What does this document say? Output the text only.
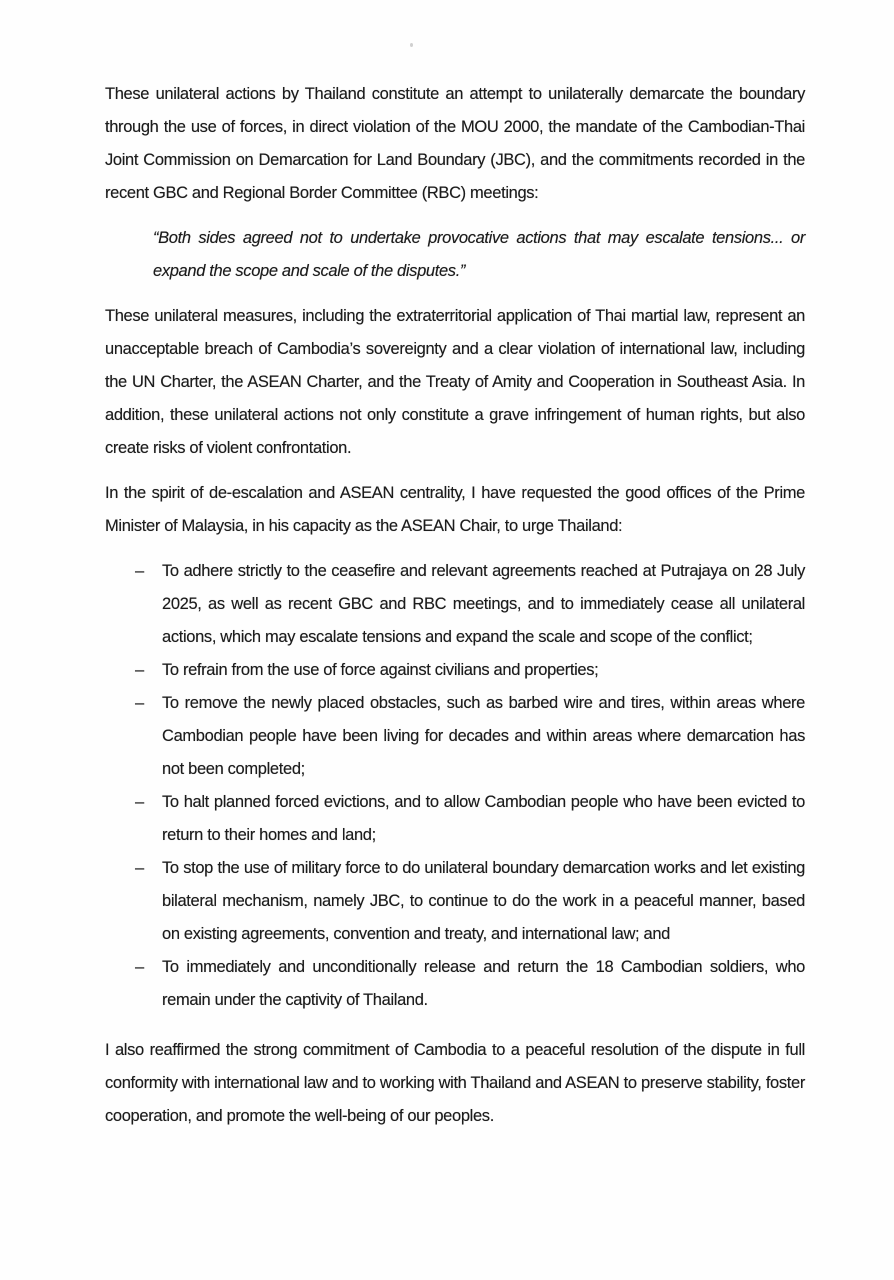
These unilateral actions by Thailand constitute an attempt to unilaterally demarcate the boundary through the use of forces, in direct violation of the MOU 2000, the mandate of the Cambodian-Thai Joint Commission on Demarcation for Land Boundary (JBC), and the commitments recorded in the recent GBC and Regional Border Committee (RBC) meetings:

“Both sides agreed not to undertake provocative actions that may escalate tensions... or expand the scope and scale of the disputes.”

These unilateral measures, including the extraterritorial application of Thai martial law, represent an unacceptable breach of Cambodia’s sovereignty and a clear violation of international law, including the UN Charter, the ASEAN Charter, and the Treaty of Amity and Cooperation in Southeast Asia. In addition, these unilateral actions not only constitute a grave infringement of human rights, but also create risks of violent confrontation.

In the spirit of de-escalation and ASEAN centrality, I have requested the good offices of the Prime Minister of Malaysia, in his capacity as the ASEAN Chair, to urge Thailand:

–	To adhere strictly to the ceasefire and relevant agreements reached at Putrajaya on 28 July 2025, as well as recent GBC and RBC meetings, and to immediately cease all unilateral actions, which may escalate tensions and expand the scale and scope of the conflict;
–	To refrain from the use of force against civilians and properties;
–	To remove the newly placed obstacles, such as barbed wire and tires, within areas where Cambodian people have been living for decades and within areas where demarcation has not been completed;
–	To halt planned forced evictions, and to allow Cambodian people who have been evicted to return to their homes and land;
–	To stop the use of military force to do unilateral boundary demarcation works and let existing bilateral mechanism, namely JBC, to continue to do the work in a peaceful manner, based on existing agreements, convention and treaty, and international law; and
–	To immediately and unconditionally release and return the 18 Cambodian soldiers, who remain under the captivity of Thailand.

I also reaffirmed the strong commitment of Cambodia to a peaceful resolution of the dispute in full conformity with international law and to working with Thailand and ASEAN to preserve stability, foster cooperation, and promote the well-being of our peoples.
